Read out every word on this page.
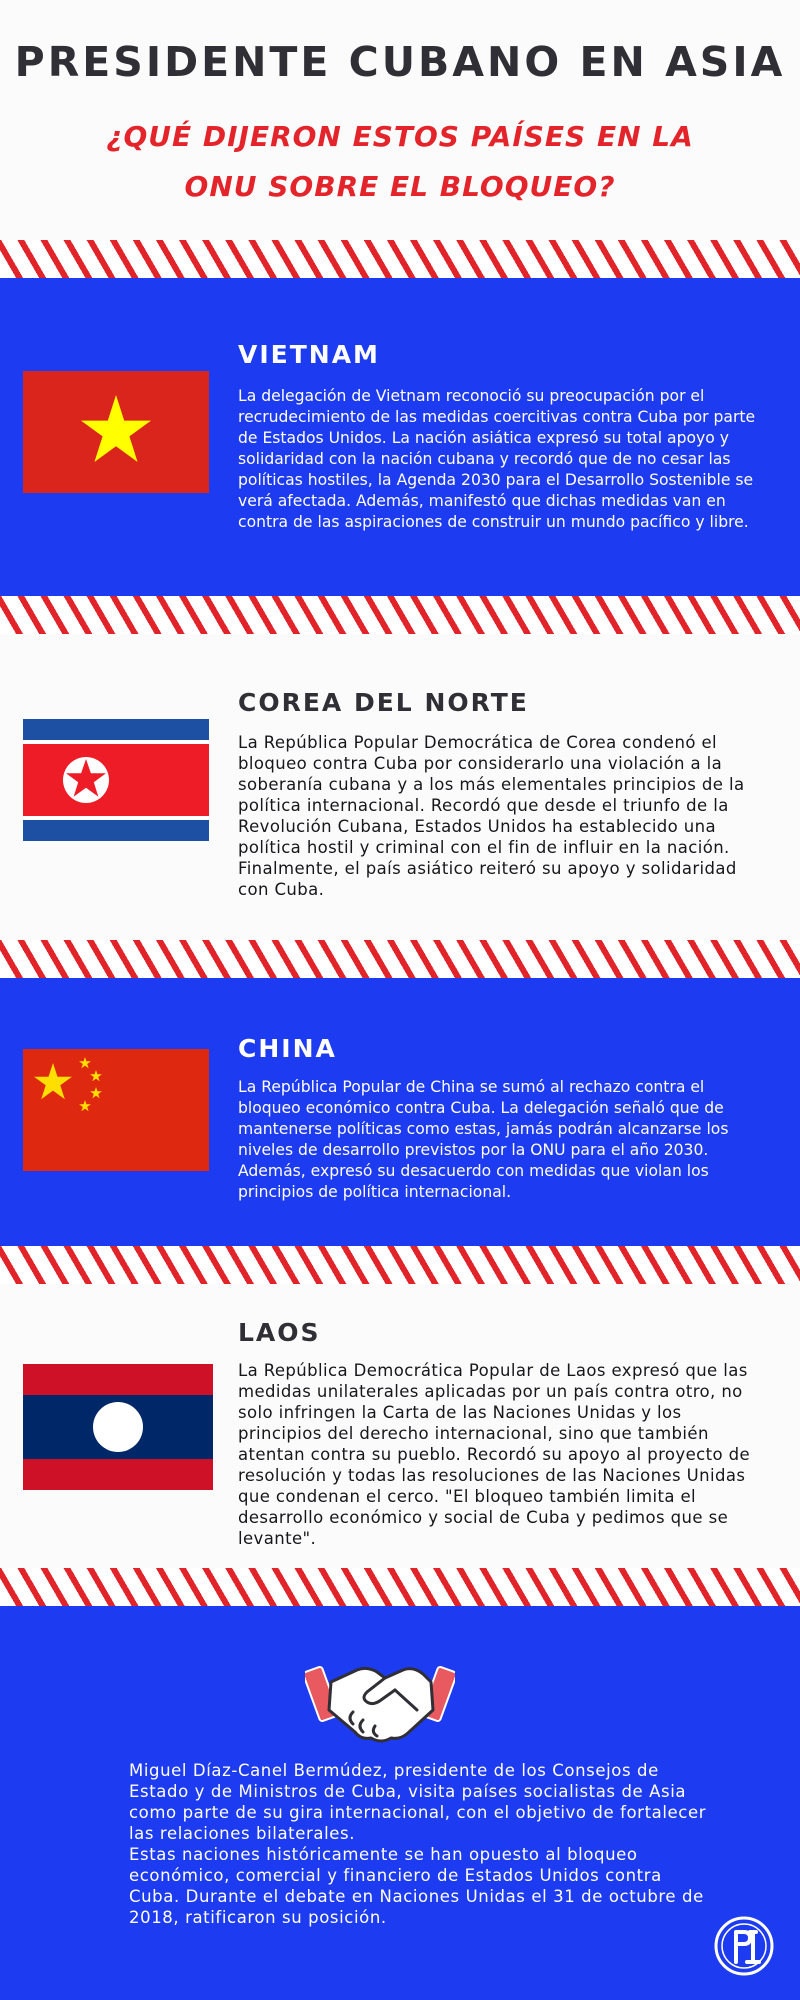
PRESIDENTE CUBANO EN ASIA
¿QUÉ DIJERON ESTOS PAÍSES EN LA ONU SOBRE EL BLOQUEO?
VIETNAM

La delegación de Vietnam reconoció su preocupación por el recrudecimiento de las medidas coercitivas contra Cuba por parte de Estados Unidos. La nación asiática expresó su total apoyo y solidaridad con la nación cubana y recordó que de no cesar las políticas hostiles, la Agenda 2030 para el Desarrollo Sostenible se verá afectada. Además, manifestó que dichas medidas van en contra de las aspiraciones de construir un mundo pacífico y libre.

COREA DEL NORTE

La República Popular Democrática de Corea condenó el bloqueo contra Cuba por considerarlo una violación a la soberanía cubana y a los más elementales principios de la política internacional. Recordó que desde el triunfo de la Revolución Cubana, Estados Unidos ha establecido una política hostil y criminal con el fin de influir en la nación. Finalmente, el país asiático reiteró su apoyo y solidaridad con Cuba.

CHINA

La República Popular de China se sumó al rechazo contra el bloqueo económico contra Cuba. La delegación señaló que de mantenerse políticas como estas, jamás podrán alcanzarse los niveles de desarrollo previstos por la ONU para el año 2030. Además, expresó su desacuerdo con medidas que violan los principios de política internacional.

LAOS

La República Democrática Popular de Laos expresó que las medidas unilaterales aplicadas por un país contra otro, no solo infringen la Carta de las Naciones Unidas y los principios del derecho internacional, sino que también atentan contra su pueblo. Recordó su apoyo al proyecto de resolución y todas las resoluciones de las Naciones Unidas que condenan el cerco. "El bloqueo también limita el desarrollo económico y social de Cuba y pedimos que se levante".

Miguel Díaz-Canel Bermúdez, presidente de los Consejos de Estado y de Ministros de Cuba, visita países socialistas de Asia como parte de su gira internacional, con el objetivo de fortalecer las relaciones bilaterales.

Estas naciones históricamente se han opuesto al bloqueo económico, comercial y financiero de Estados Unidos contra Cuba. Durante el debate en Naciones Unidas el 31 de octubre de 2018, ratificaron su posición.
